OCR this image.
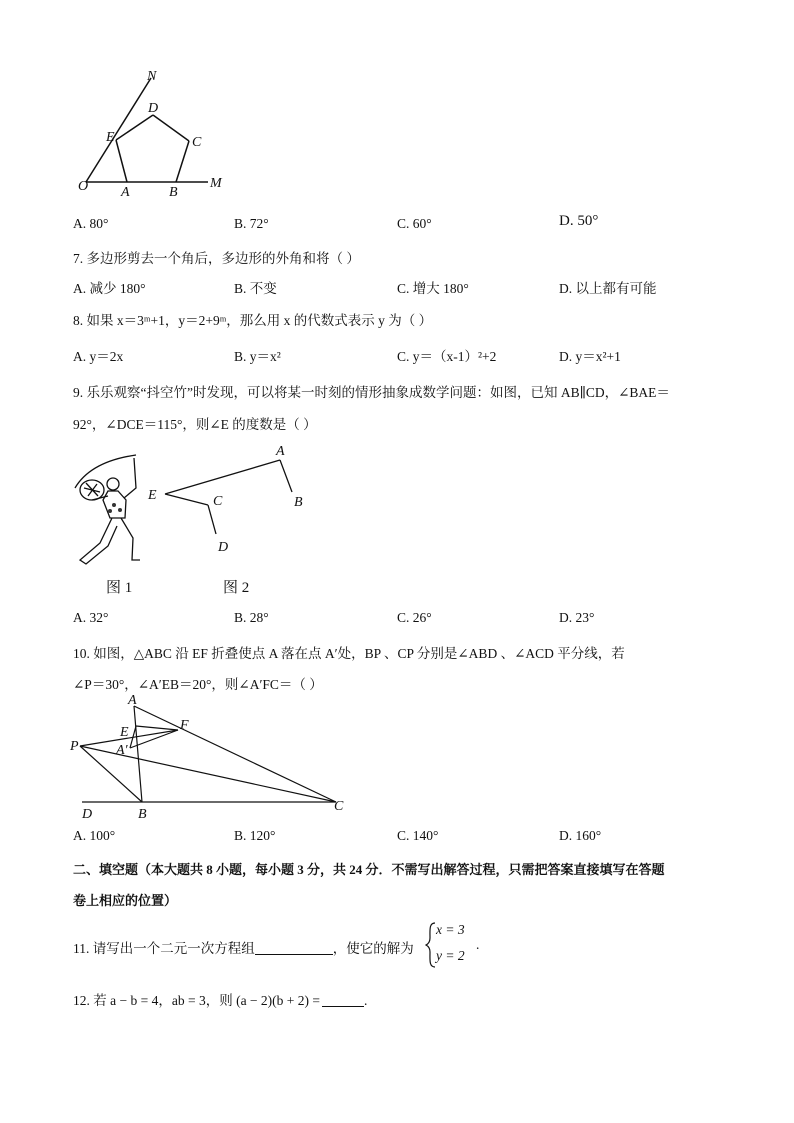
N
D
C
E
O A	B
M
A. 80°	B. 72°	C. 60°	D. 50°
7. 多边形剪去一个角后，多边形的外角和将（ ）
A. 减少 180°	B. 不变	C. 增大 180°	D. 以上都有可能
8. 如果 x＝3ᵐ+1，y＝2+9ᵐ，那么用 x 的代数式表示 y 为（ ）
A. y＝2x	B. y＝x²	C. y＝（x-1）²+2	D. y＝x²+1
9. 乐乐观察“抖空竹”时发现，可以将某一时刻的情形抽象成数学问题：如图，已知 AB∥CD，∠BAE＝
92°，∠DCE＝115°，则∠E 的度数是（ ）
A
B
C
D
E
图 1	图 2
A. 32°	B. 28°	C. 26°	D. 23°
10. 如图，△ABC 沿 EF 折叠使点 A 落在点 A′处，BP 、CP 分别是∠ABD 、∠ACD 平分线，若
∠P＝30°，∠A′EB＝20°，则∠A′FC＝（ ）
A
E	F
A′
P
D	B
C
A. 100°	B. 120°	C. 140°	D. 160°
二、填空题（本大题共 8 小题，每小题 3 分，共 24 分．不需写出解答过程，只需把答案直接填写在答题
卷上相应的位置）
11. 请写出一个二元一次方程组	，使它的解为
x = 3
y = 2
.
12. 若 a − b = 4，ab = 3，则 (a − 2)(b + 2) =	.
